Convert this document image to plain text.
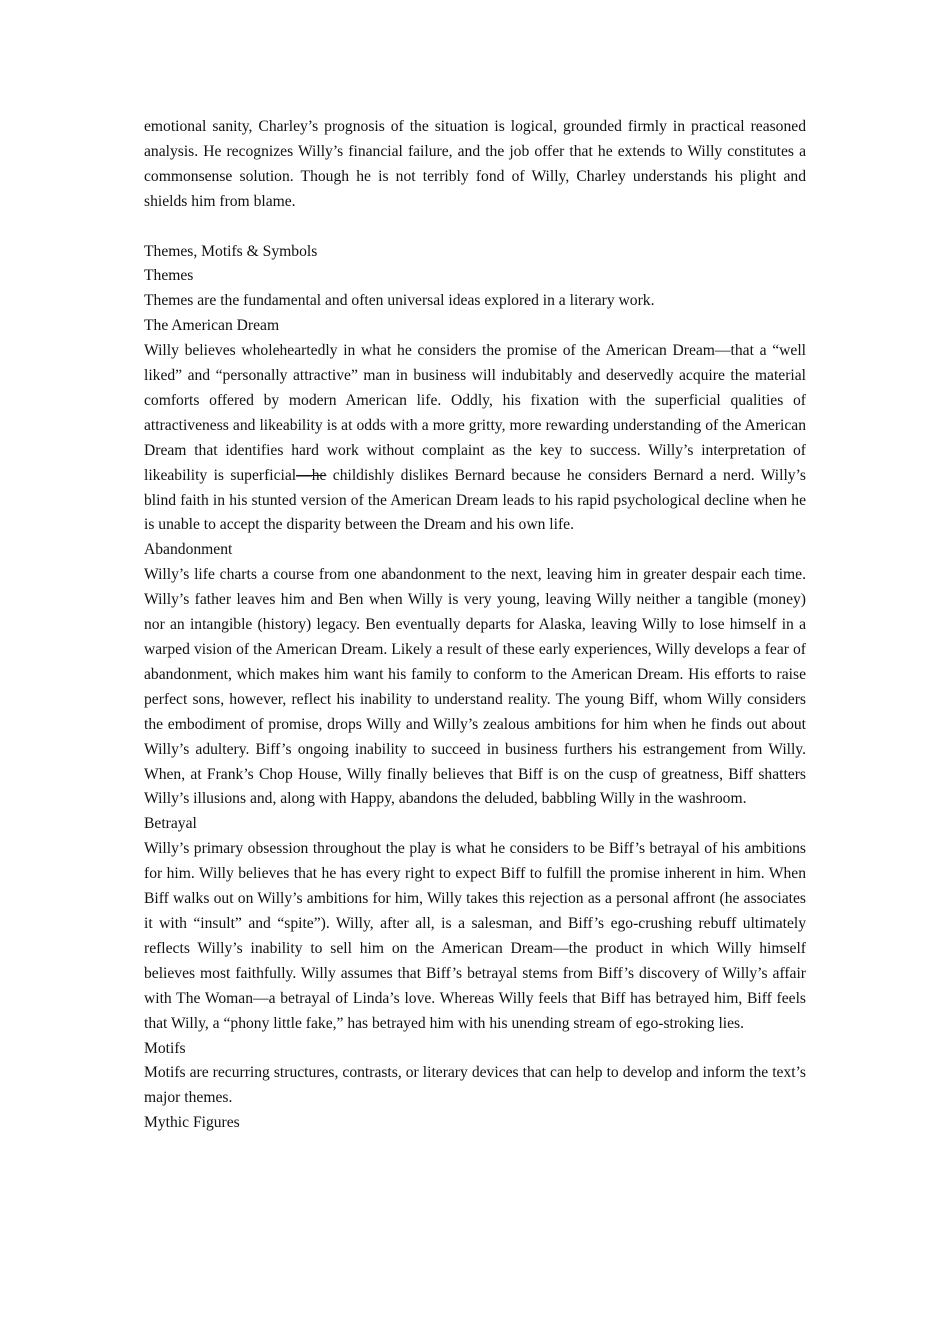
emotional sanity, Charley’s prognosis of the situation is logical, grounded firmly in practical reasoned analysis. He recognizes Willy’s financial failure, and the job offer that he extends to Willy constitutes a commonsense solution. Though he is not terribly fond of Willy, Charley understands his plight and shields him from blame.

Themes, Motifs & Symbols

Themes

Themes are the fundamental and often universal ideas explored in a literary work.

The American Dream

Willy believes wholeheartedly in what he considers the promise of the American Dream—that a “well liked” and “personally attractive” man in business will indubitably and deservedly acquire the material comforts offered by modern American life. Oddly, his fixation with the superficial qualities of attractiveness and likeability is at odds with a more gritty, more rewarding understanding of the American Dream that identifies hard work without complaint as the key to success. Willy’s interpretation of likeability is superficial—he childishly dislikes Bernard because he considers Bernard a nerd. Willy’s blind faith in his stunted version of the American Dream leads to his rapid psychological decline when he is unable to accept the disparity between the Dream and his own life.

Abandonment

Willy’s life charts a course from one abandonment to the next, leaving him in greater despair each time. Willy’s father leaves him and Ben when Willy is very young, leaving Willy neither a tangible (money) nor an intangible (history) legacy. Ben eventually departs for Alaska, leaving Willy to lose himself in a warped vision of the American Dream. Likely a result of these early experiences, Willy develops a fear of abandonment, which makes him want his family to conform to the American Dream. His efforts to raise perfect sons, however, reflect his inability to understand reality. The young Biff, whom Willy considers the embodiment of promise, drops Willy and Willy’s zealous ambitions for him when he finds out about Willy’s adultery. Biff’s ongoing inability to succeed in business furthers his estrangement from Willy. When, at Frank’s Chop House, Willy finally believes that Biff is on the cusp of greatness, Biff shatters Willy’s illusions and, along with Happy, abandons the deluded, babbling Willy in the washroom.

Betrayal

Willy’s primary obsession throughout the play is what he considers to be Biff’s betrayal of his ambitions for him. Willy believes that he has every right to expect Biff to fulfill the promise inherent in him. When Biff walks out on Willy’s ambitions for him, Willy takes this rejection as a personal affront (he associates it with “insult” and “spite”). Willy, after all, is a salesman, and Biff’s ego-crushing rebuff ultimately reflects Willy’s inability to sell him on the American Dream—the product in which Willy himself believes most faithfully. Willy assumes that Biff’s betrayal stems from Biff’s discovery of Willy’s affair with The Woman—a betrayal of Linda’s love. Whereas Willy feels that Biff has betrayed him, Biff feels that Willy, a “phony little fake,” has betrayed him with his unending stream of ego-stroking lies.

Motifs

Motifs are recurring structures, contrasts, or literary devices that can help to develop and inform the text’s major themes.

Mythic Figures
